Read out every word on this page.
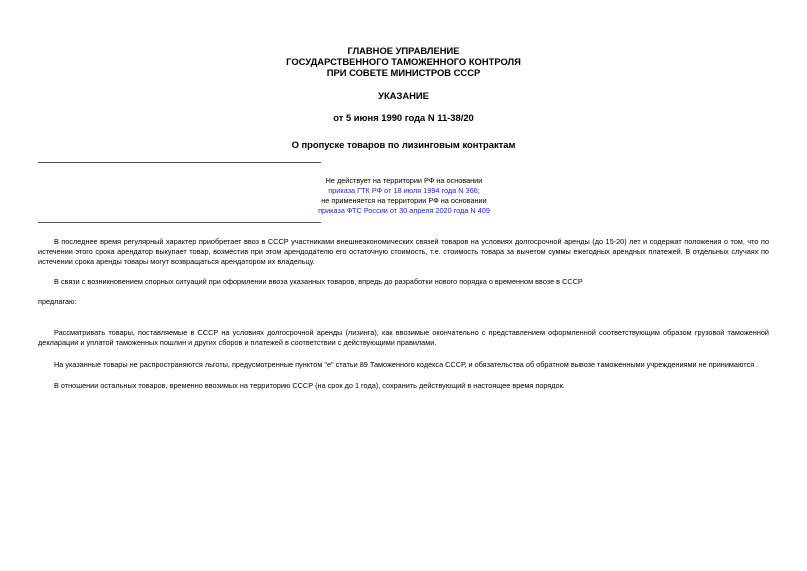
ГЛАВНОЕ УПРАВЛЕНИЕ
ГОСУДАРСТВЕННОГО ТАМОЖЕННОГО КОНТРОЛЯ
ПРИ СОВЕТЕ МИНИСТРОВ СССР
УКАЗАНИЕ
от 5 июня 1990 года N 11-38/20
О пропуске товаров по лизинговым контрактам
Не действует на территории РФ на основании
приказа ГТК РФ от 18 июля 1994 года N 366;
не применяется на территории РФ на основании
приказа ФТС России от 30 апреля 2020 года N 409
В последнее время регулярный характер приобретает ввоз в СССР участниками внешнеэкономических связей товаров на условиях долгосрочной аренды (до 15-20) лет и содержат положения о том, что по истечении этого срока арендатор выкупает товар, возместив при этом арендодателю его остаточную стоимость, т.е. стоимость товара за вычетом суммы ежегодных арендных платежей. В отдельных случаях по истечении срока аренды товары могут возвращаться арендатором их владельцу.
В связи с возникновением спорных ситуаций при оформлении ввоза указанных товаров, впредь до разработки нового порядка о временном ввозе в СССР
предлагаю:
Рассматривать товары, поставляемые в СССР на условиях долгосрочной аренды (лизинга), как ввозимые окончательно с представлением оформленной соответствующим образом грузовой таможенной декларации и уплатой таможенных пошлин и других сборов и платежей в соответствии с действующими правилами.
На указанные товары не распространяются льготы, предусмотренные пунктом "е" статьи 89 Таможенного кодекса СССР, и обязательства об обратном вывозе таможенными учреждениями не принимаются .
В отношении остальных товаров, временно ввозимых на территорию СССР (на срок до 1 года), сохранить действующий в настоящее время порядок.
